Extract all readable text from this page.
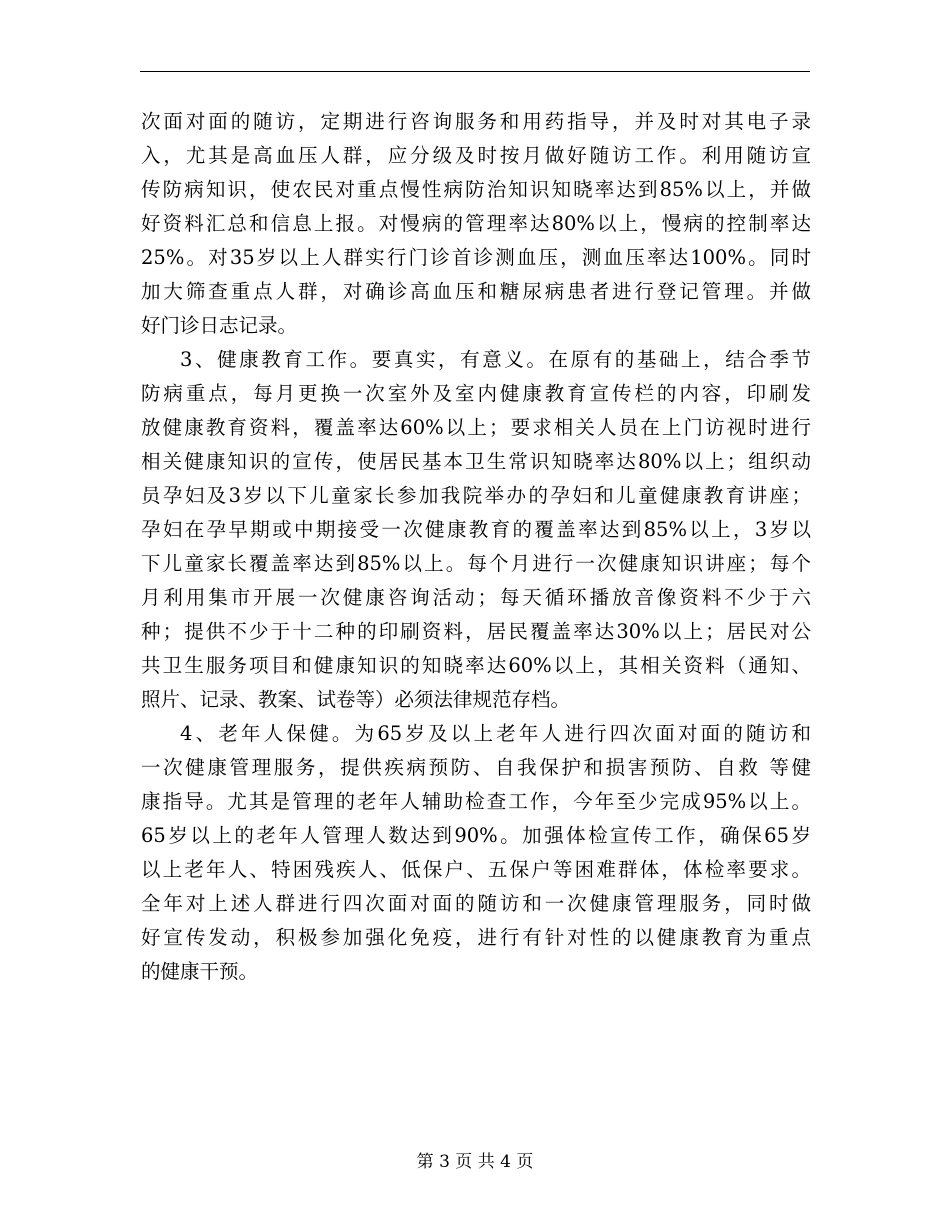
次面对面的随访，定期进行咨询服务和用药指导，并及时对其电子录
入，尤其是高血压人群，应分级及时按月做好随访工作。利用随访宣
传防病知识，使农民对重点慢性病防治知识知晓率达到85%以上，并做
好资料汇总和信息上报。对慢病的管理率达80%以上，慢病的控制率达
25%。对35岁以上人群实行门诊首诊测血压，测血压率达100%。同时
加大筛查重点人群，对确诊高血压和糖尿病患者进行登记管理。并做
好门诊日志记录。
3、健康教育工作。要真实，有意义。在原有的基础上，结合季节
防病重点，每月更换一次室外及室内健康教育宣传栏的内容，印刷发
放健康教育资料，覆盖率达60%以上；要求相关人员在上门访视时进行
相关健康知识的宣传，使居民基本卫生常识知晓率达80%以上；组织动
员孕妇及3岁以下儿童家长参加我院举办的孕妇和儿童健康教育讲座；
孕妇在孕早期或中期接受一次健康教育的覆盖率达到85%以上，3岁以
下儿童家长覆盖率达到85%以上。每个月进行一次健康知识讲座；每个
月利用集市开展一次健康咨询活动；每天循环播放音像资料不少于六
种；提供不少于十二种的印刷资料，居民覆盖率达30%以上；居民对公
共卫生服务项目和健康知识的知晓率达60%以上，其相关资料（通知、
照片、记录、教案、试卷等）必须法律规范存档。
4、老年人保健。为65岁及以上老年人进行四次面对面的随访和
一次健康管理服务，提供疾病预防、自我保护和损害预防、自救 等健
康指导。尤其是管理的老年人辅助检查工作，今年至少完成95%以上。
65岁以上的老年人管理人数达到90%。加强体检宣传工作，确保65岁
以上老年人、特困残疾人、低保户、五保户等困难群体，体检率要求。
全年对上述人群进行四次面对面的随访和一次健康管理服务，同时做
好宣传发动，积极参加强化免疫，进行有针对性的以健康教育为重点
的健康干预。
第 3 页 共 4 页
